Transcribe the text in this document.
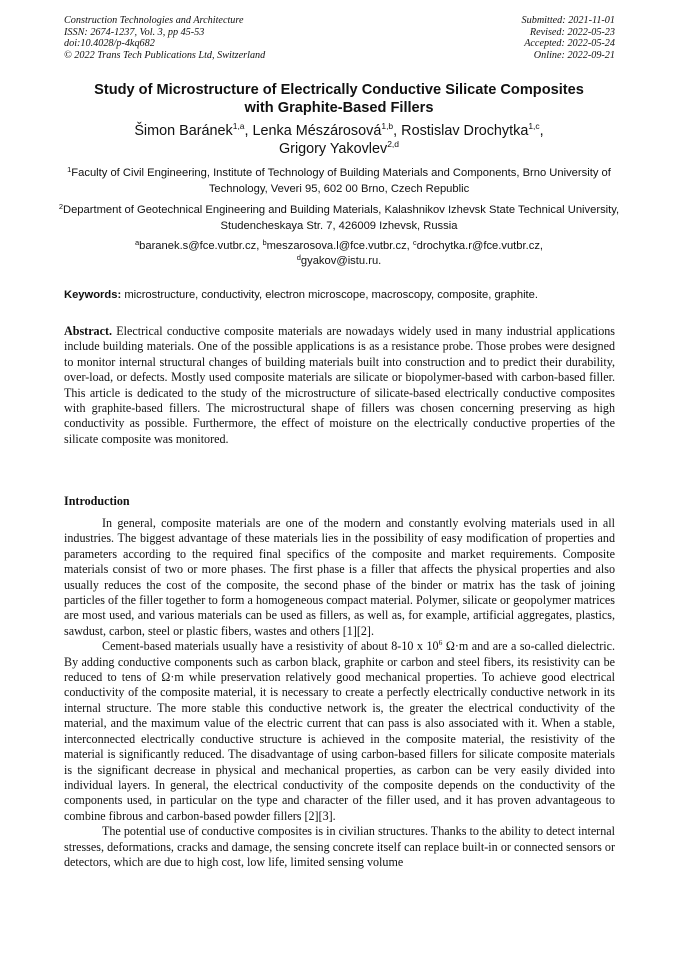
Construction Technologies and Architecture
ISSN: 2674-1237, Vol. 3, pp 45-53
doi:10.4028/p-4kq682
© 2022 Trans Tech Publications Ltd, Switzerland
Submitted: 2021-11-01
Revised: 2022-05-23
Accepted: 2022-05-24
Online: 2022-09-21
Study of Microstructure of Electrically Conductive Silicate Composites
with Graphite-Based Fillers
Šimon Baránek$^{1,a}$, Lenka Mészárosová$^{1,b}$, Rostislav Drochytka$^{1,c}$,
Grigory Yakovlev$^{2,d}$
$^1$Faculty of Civil Engineering, Institute of Technology of Building Materials and Components, Brno University of Technology, Veveri 95, 602 00 Brno, Czech Republic
$^2$Department of Geotechnical Engineering and Building Materials, Kalashnikov Izhevsk State Technical University, Studencheskaya Str. 7, 426009 Izhevsk, Russia
$^a$baranek.s@fce.vutbr.cz, $^b$meszarosova.l@fce.vutbr.cz, $^c$drochytka.r@fce.vutbr.cz,
$^d$gyakov@istu.ru.
Keywords: microstructure, conductivity, electron microscope, macroscopy, composite, graphite.
Abstract. Electrical conductive composite materials are nowadays widely used in many industrial applications include building materials. One of the possible applications is as a resistance probe. Those probes were designed to monitor internal structural changes of building materials built into construction and to predict their durability, over-load, or defects. Mostly used composite materials are silicate or biopolymer-based with carbon-based filler. This article is dedicated to the study of the microstructure of silicate-based electrically conductive composites with graphite-based fillers. The microstructural shape of fillers was chosen concerning preserving as high conductivity as possible. Furthermore, the effect of moisture on the electrically conductive properties of the silicate composite was monitored.
Introduction

In general, composite materials are one of the modern and constantly evolving materials used in all industries. The biggest advantage of these materials lies in the possibility of easy modification of properties and parameters according to the required final specifics of the composite and market requirements. Composite materials consist of two or more phases. The first phase is a filler that affects the physical properties and also usually reduces the cost of the composite, the second phase of the binder or matrix has the task of joining particles of the filler together to form a homogeneous compact material. Polymer, silicate or geopolymer matrices are most used, and various materials can be used as fillers, as well as, for example, artificial aggregates, plastics, sawdust, carbon, steel or plastic fibers, wastes and others [1][2].

Cement-based materials usually have a resistivity of about 8-10 x $10^6$ Ω·m and are a so-called dielectric. By adding conductive components such as carbon black, graphite or carbon and steel fibers, its resistivity can be reduced to tens of Ω·m while preservation relatively good mechanical properties. To achieve good electrical conductivity of the composite material, it is necessary to create a perfectly electrically conductive network in its internal structure. The more stable this conductive network is, the greater the electrical conductivity of the material, and the maximum value of the electric current that can pass is also associated with it. When a stable, interconnected electrically conductive structure is achieved in the composite material, the resistivity of the material is significantly reduced. The disadvantage of using carbon-based fillers for silicate composite materials is the significant decrease in physical and mechanical properties, as carbon can be very easily divided into individual layers. In general, the electrical conductivity of the composite depends on the conductivity of the components used, in particular on the type and character of the filler used, and it has proven advantageous to combine fibrous and carbon-based powder fillers [2][3].

The potential use of conductive composites is in civilian structures. Thanks to the ability to detect internal stresses, deformations, cracks and damage, the sensing concrete itself can replace built-in or connected sensors or detectors, which are due to high cost, low life, limited sensing volume
